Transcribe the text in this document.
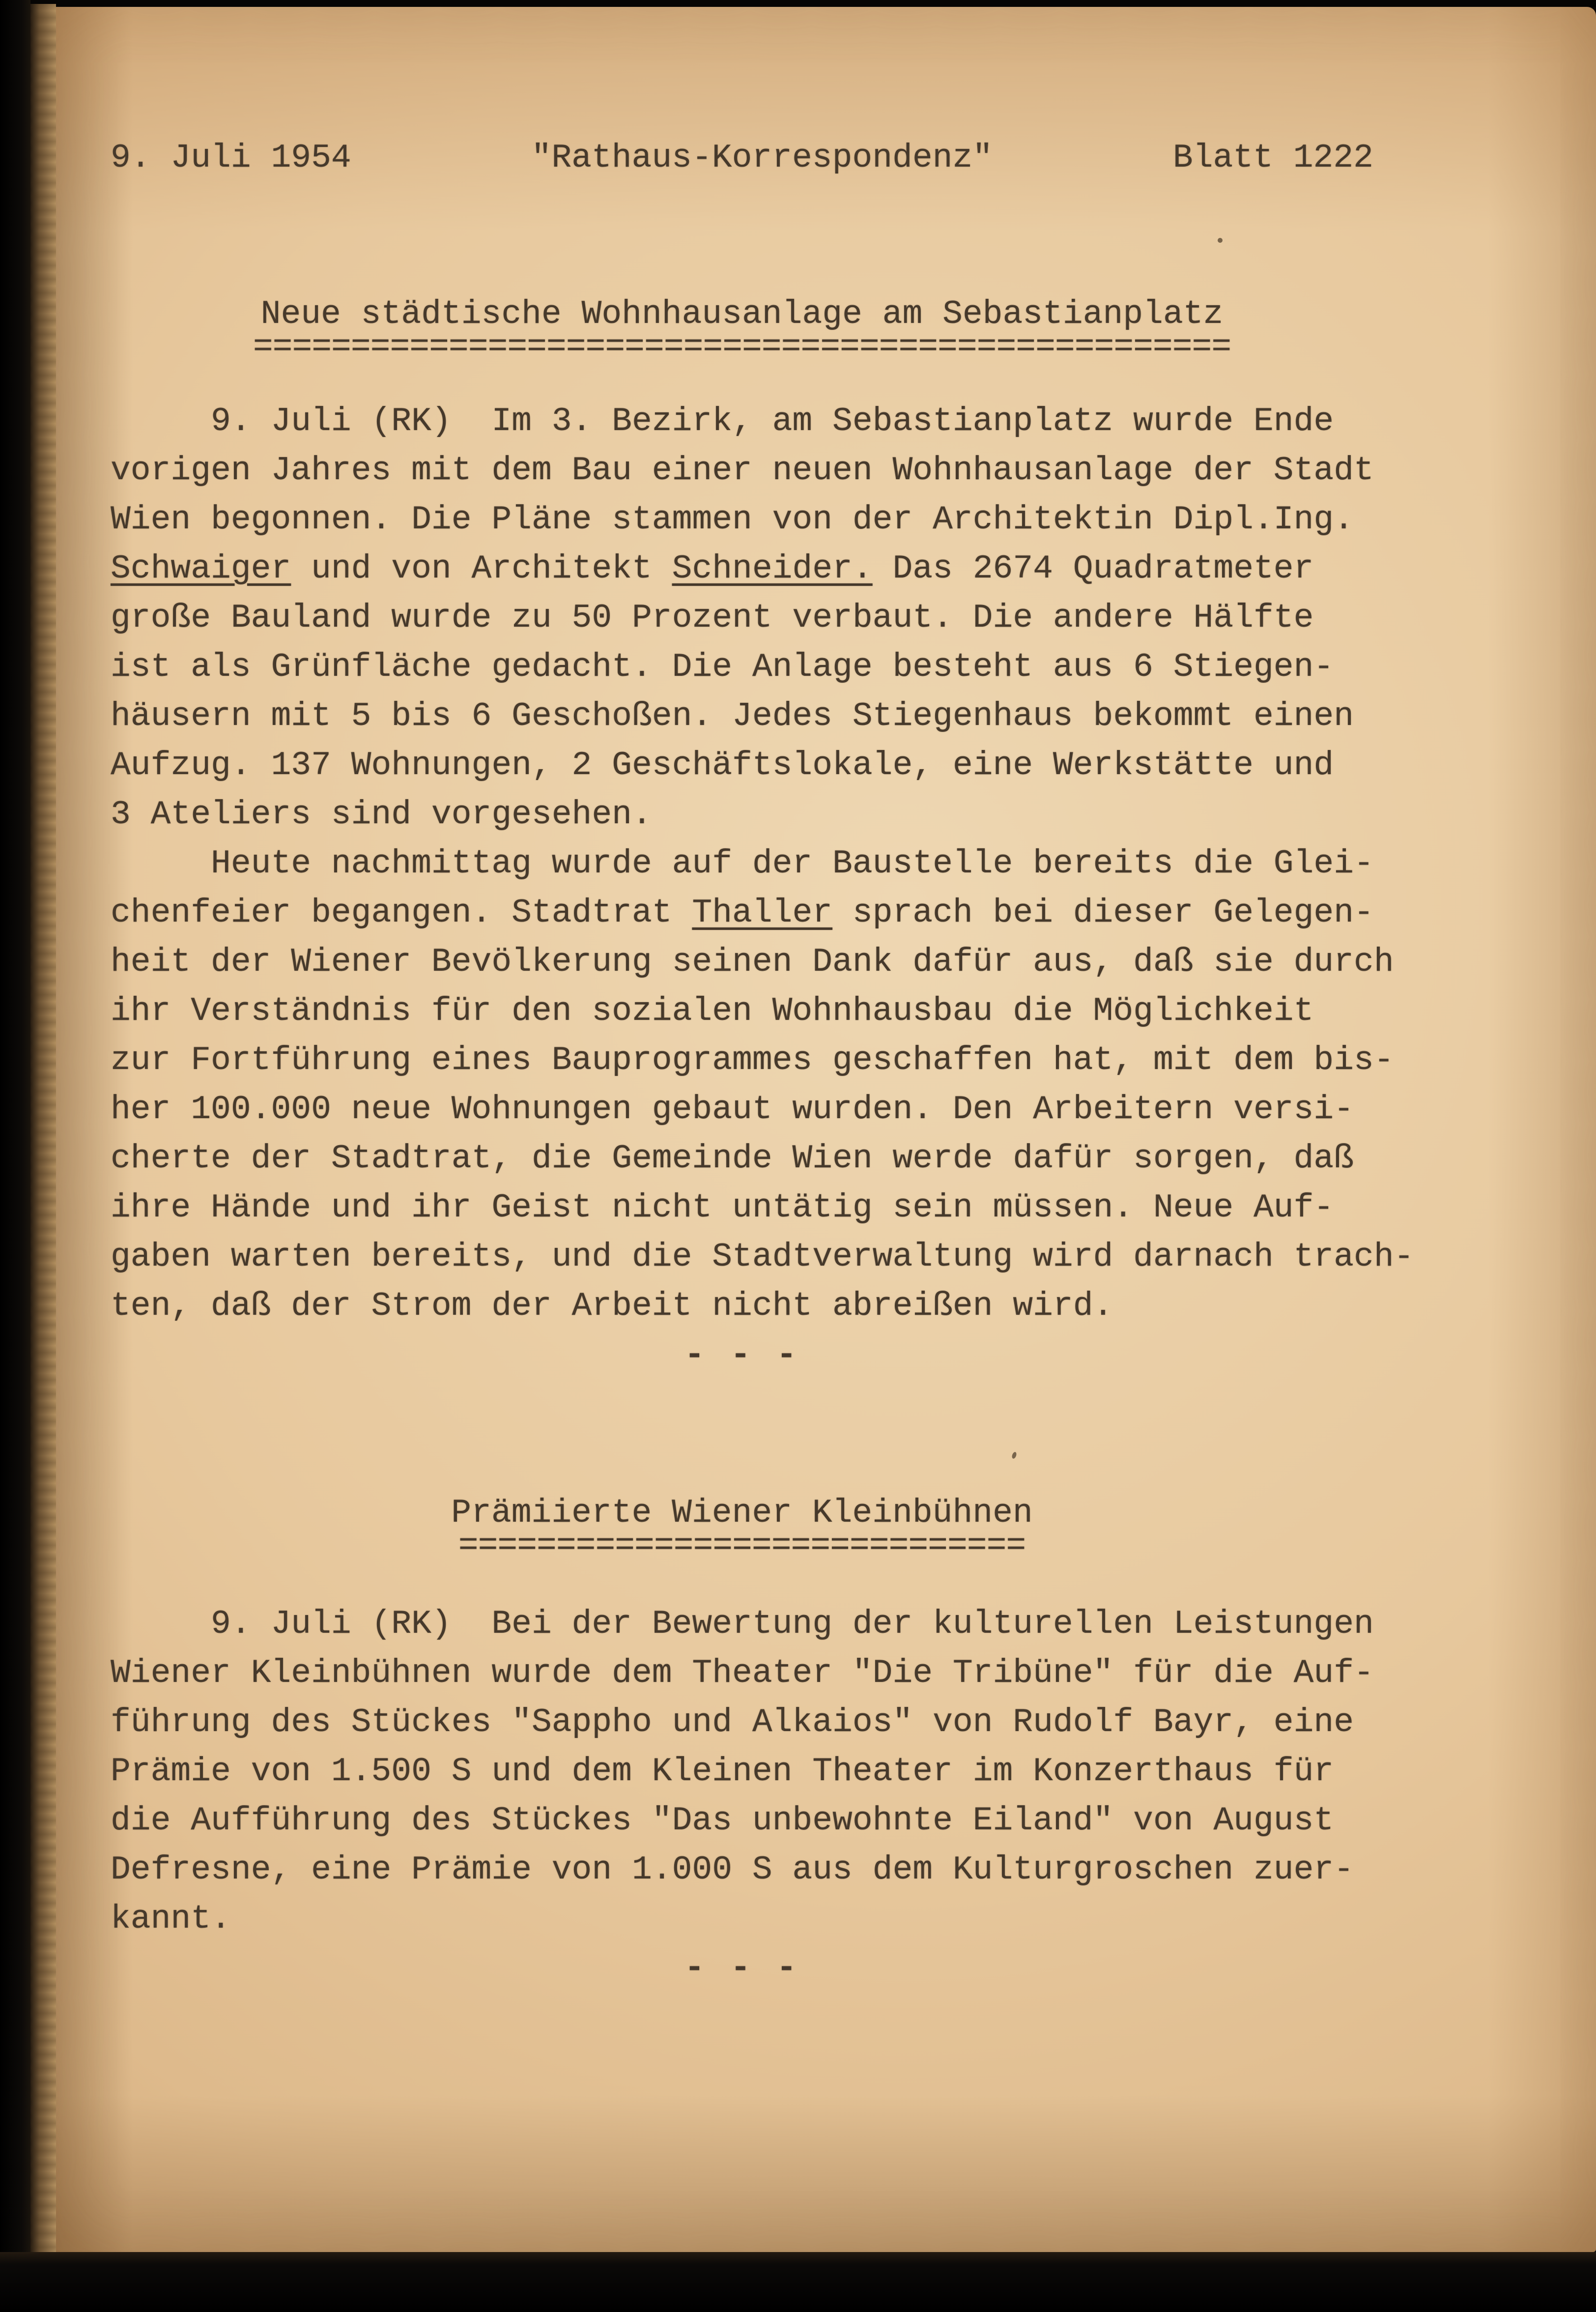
9. Juli 1954	"Rathaus-Korrespondenz"	Blatt 1222
Neue städtische Wohnhausanlage am Sebastianplatz
==================================================
9. Juli (RK)  Im 3. Bezirk, am Sebastianplatz wurde Ende
vorigen Jahres mit dem Bau einer neuen Wohnhausanlage der Stadt
Wien begonnen. Die Pläne stammen von der Architektin Dipl.Ing.
Schwaiger und von Architekt Schneider. Das 2674 Quadratmeter
große Bauland wurde zu 50 Prozent verbaut. Die andere Hälfte
ist als Grünfläche gedacht. Die Anlage besteht aus 6 Stiegen-
häusern mit 5 bis 6 Geschoßen. Jedes Stiegenhaus bekommt einen
Aufzug. 137 Wohnungen, 2 Geschäftslokale, eine Werkstätte und
3 Ateliers sind vorgesehen.
Heute nachmittag wurde auf der Baustelle bereits die Glei-
chenfeier begangen. Stadtrat Thaller sprach bei dieser Gelegen-
heit der Wiener Bevölkerung seinen Dank dafür aus, daß sie durch
ihr Verständnis für den sozialen Wohnhausbau die Möglichkeit
zur Fortführung eines Bauprogrammes geschaffen hat, mit dem bis-
her 100.000 neue Wohnungen gebaut wurden. Den Arbeitern versi-
cherte der Stadtrat, die Gemeinde Wien werde dafür sorgen, daß
ihre Hände und ihr Geist nicht untätig sein müssen. Neue Auf-
gaben warten bereits, und die Stadtverwaltung wird darnach trach-
ten, daß der Strom der Arbeit nicht abreißen wird.
- - -
Prämiierte Wiener Kleinbühnen
=============================
9. Juli (RK)  Bei der Bewertung der kulturellen Leistungen
Wiener Kleinbühnen wurde dem Theater "Die Tribüne" für die Auf-
führung des Stückes "Sappho und Alkaios" von Rudolf Bayr, eine
Prämie von 1.500 S und dem Kleinen Theater im Konzerthaus für
die Aufführung des Stückes "Das unbewohnte Eiland" von August
Defresne, eine Prämie von 1.000 S aus dem Kulturgroschen zuer-
kannt.
- - -
